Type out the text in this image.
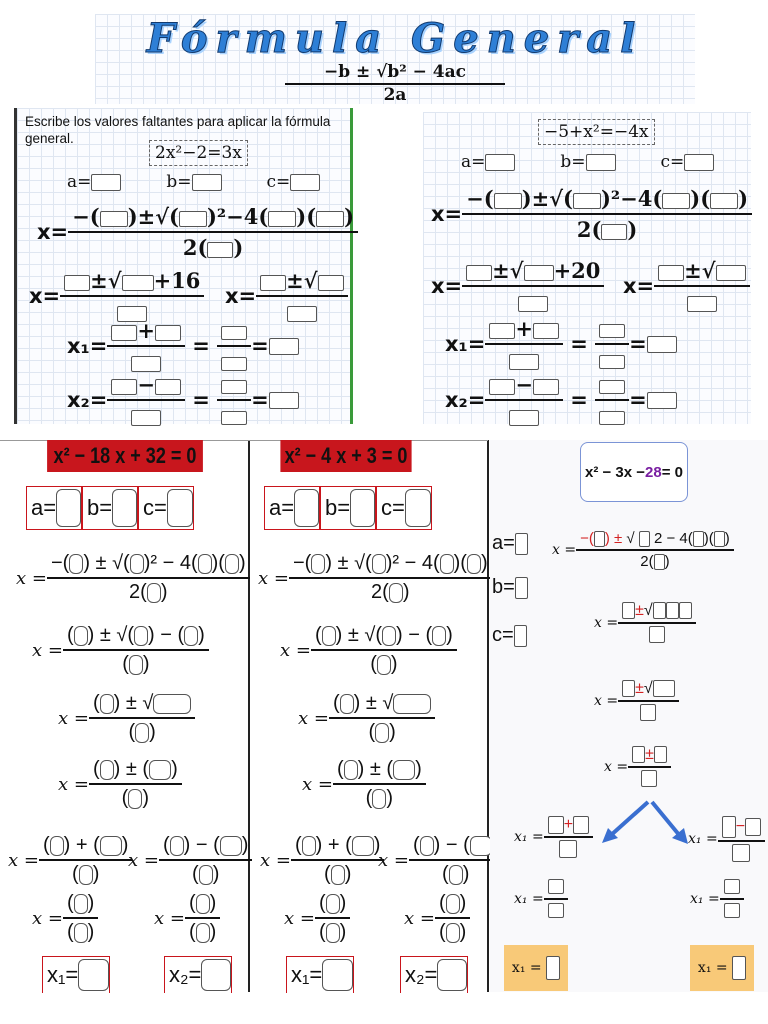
Fórmula General
$\frac{\text{−b ± √b² − 4ac}}{2a}$
Escribe los valores faltantes para aplicar la fórmula general.
2x²−2=3x
a=	b=	c=
$x= \frac{\text{−( )±√( )²−4( )( )}}{2( )}$
x=
±√ +16
x=
±√
x₁=
+
= =
x₂=
−
= =
−5+x²=−4x
a=	b=	c=
$x= \frac{\text{−( )±√( )²−4( )( )}}{2( )}$
x=
±√ +20
x=
±√
x₁=
+
= =
x₂=
−
= =
x² − 18 x + 32 = 0
a= b= c=
$x = \frac{\text{−( ) ± √( )² − 4( )( )}}{2( )}$
$x = \frac{( ) \pm √( ) - ( )}{( )}$
$x = \frac{( ) \pm √}{( )}$
$x = \frac{( ) \pm ( )}{( )}$
$x = \frac{( ) + ( )}{( )}$
$x = \frac{( ) - ( )}{( )}$
$x = \frac{( )}{( )}$	$x = \frac{( )}{( )}$
x₁=	x₂=
x² − 4 x + 3 = 0
a= b= c=
$x = \frac{\text{−( ) ± √( )² − 4( )( )}}{2( )}$
$x = \frac{( ) \pm √( ) - ( )}{( )}$
$x = \frac{( ) \pm √}{( )}$
$x = \frac{( ) \pm ( )}{( )}$
$x = \frac{( ) + ( )}{( )}$
$x = \frac{( ) - (}{( )}$
$x = \frac{( )}{( )}$	$x = \frac{( )}{( )}$
x₁=	x₂=
x² − 3x − 28 = 0
a=
b=
c=
$x = \frac{-( ) \pm √ 2 - 4( )( )}{2( )}$
x =
±√
x =
±√
x =
±
x₁ =
+
x₁ =
−
x₁ =	x₁ =
x₁ =
	x₁ =
